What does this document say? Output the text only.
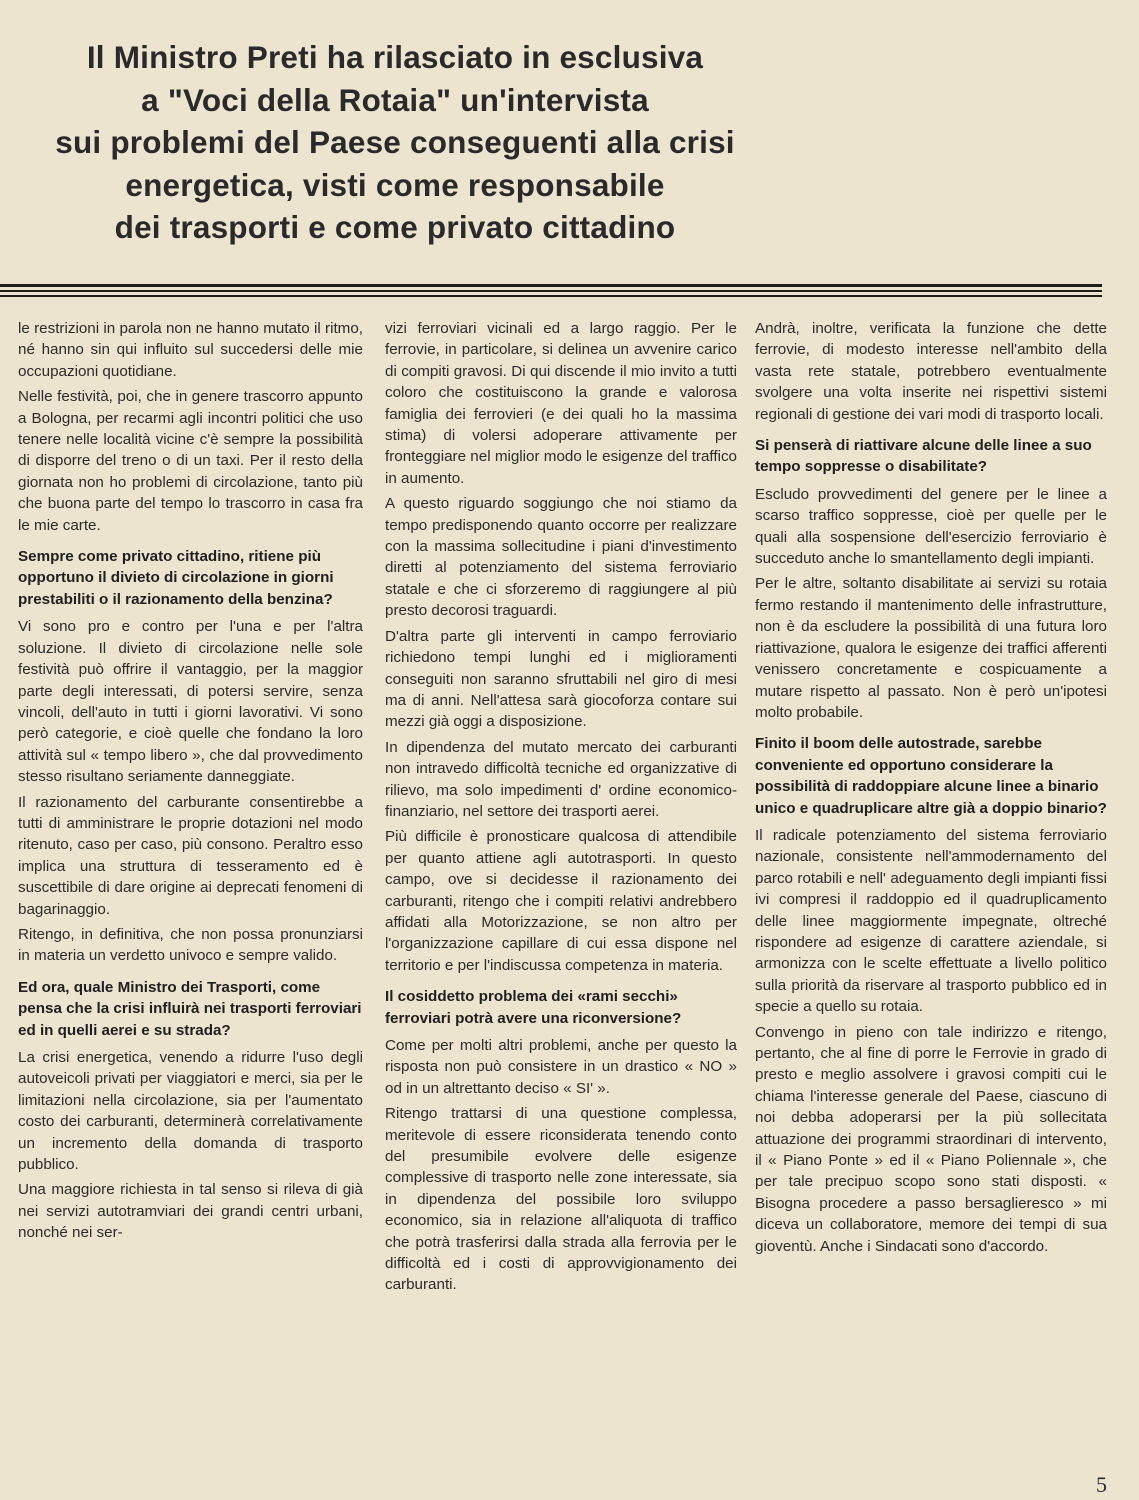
Il Ministro Preti ha rilasciato in esclusiva
a "Voci della Rotaia" un'intervista
sui problemi del Paese conseguenti alla crisi
energetica, visti come responsabile
dei trasporti e come privato cittadino

le restrizioni in parola non ne hanno mutato il ritmo, né hanno sin qui influito sul succedersi delle mie occupazioni quotidiane.

Nelle festività, poi, che in genere trascorro appunto a Bologna, per recarmi agli incontri politici che uso tenere nelle località vicine c'è sempre la possibilità di disporre del treno o di un taxi. Per il resto della giornata non ho problemi di circolazione, tanto più che buona parte del tempo lo trascorro in casa fra le mie carte.

Sempre come privato cittadino, ritiene più opportuno il divieto di circolazione in giorni prestabiliti o il razionamento della benzina?

Vi sono pro e contro per l'una e per l'altra soluzione. Il divieto di circolazione nelle sole festività può offrire il vantaggio, per la maggior parte degli interessati, di potersi servire, senza vincoli, dell'auto in tutti i giorni lavorativi. Vi sono però categorie, e cioè quelle che fondano la loro attività sul « tempo libero », che dal provvedimento stesso risultano seriamente danneggiate.

Il razionamento del carburante consentirebbe a tutti di amministrare le proprie dotazioni nel modo ritenuto, caso per caso, più consono. Peraltro esso implica una struttura di tesseramento ed è suscettibile di dare origine ai deprecati fenomeni di bagarinaggio.

Ritengo, in definitiva, che non possa pronunziarsi in materia un verdetto univoco e sempre valido.

Ed ora, quale Ministro dei Trasporti, come pensa che la crisi influirà nei trasporti ferroviari ed in quelli aerei e su strada?

La crisi energetica, venendo a ridurre l'uso degli autoveicoli privati per viaggiatori e merci, sia per le limitazioni nella circolazione, sia per l'aumentato costo dei carburanti, determinerà correlativamente un incremento della domanda di trasporto pubblico.

Una maggiore richiesta in tal senso si rileva di già nei servizi autotramviari dei grandi centri urbani, nonché nei ser-

vizi ferroviari vicinali ed a largo raggio. Per le ferrovie, in particolare, si delinea un avvenire carico di compiti gravosi. Di qui discende il mio invito a tutti coloro che costituiscono la grande e valorosa famiglia dei ferrovieri (e dei quali ho la massima stima) di volersi adoperare attivamente per fronteggiare nel miglior modo le esigenze del traffico in aumento.

A questo riguardo soggiungo che noi stiamo da tempo predisponendo quanto occorre per realizzare con la massima sollecitudine i piani d'investimento diretti al potenziamento del sistema ferroviario statale e che ci sforzeremo di raggiungere al più presto decorosi traguardi.

D'altra parte gli interventi in campo ferroviario richiedono tempi lunghi ed i miglioramenti conseguiti non saranno sfruttabili nel giro di mesi ma di anni. Nell'attesa sarà giocoforza contare sui mezzi già oggi a disposizione.

In dipendenza del mutato mercato dei carburanti non intravedo difficoltà tecniche ed organizzative di rilievo, ma solo impedimenti d' ordine economico-finanziario, nel settore dei trasporti aerei.

Più difficile è pronosticare qualcosa di attendibile per quanto attiene agli autotrasporti. In questo campo, ove si decidesse il razionamento dei carburanti, ritengo che i compiti relativi andrebbero affidati alla Motorizzazione, se non altro per l'organizzazione capillare di cui essa dispone nel territorio e per l'indiscussa competenza in materia.

Il cosiddetto problema dei «rami secchi» ferroviari potrà avere una riconversione?

Come per molti altri problemi, anche per questo la risposta non può consistere in un drastico « NO » od in un altrettanto deciso « SI' ».

Ritengo trattarsi di una questione complessa, meritevole di essere riconsiderata tenendo conto del presumibile evolvere delle esigenze complessive di trasporto nelle zone interessate, sia in dipendenza del possibile loro sviluppo economico, sia in relazione all'aliquota di traffico che potrà trasferirsi dalla strada alla ferrovia per le difficoltà ed i costi di approvvigionamento dei carburanti.

Andrà, inoltre, verificata la funzione che dette ferrovie, di modesto interesse nell'ambito della vasta rete statale, potrebbero eventualmente svolgere una volta inserite nei rispettivi sistemi regionali di gestione dei vari modi di trasporto locali.

Si penserà di riattivare alcune delle linee a suo tempo soppresse o disabilitate?

Escludo provvedimenti del genere per le linee a scarso traffico soppresse, cioè per quelle per le quali alla sospensione dell'esercizio ferroviario è succeduto anche lo smantellamento degli impianti.

Per le altre, soltanto disabilitate ai servizi su rotaia fermo restando il mantenimento delle infrastrutture, non è da escludere la possibilità di una futura loro riattivazione, qualora le esigenze dei traffici afferenti venissero concretamente e cospicuamente a mutare rispetto al passato. Non è però un'ipotesi molto probabile.

Finito il boom delle autostrade, sarebbe conveniente ed opportuno considerare la possibilità di raddoppiare alcune linee a binario unico e quadruplicare altre già a doppio binario?

Il radicale potenziamento del sistema ferroviario nazionale, consistente nell'ammodernamento del parco rotabili e nell' adeguamento degli impianti fissi ivi compresi il raddoppio ed il quadruplicamento delle linee maggiormente impegnate, oltreché rispondere ad esigenze di carattere aziendale, si armonizza con le scelte effettuate a livello politico sulla priorità da riservare al trasporto pubblico ed in specie a quello su rotaia.

Convengo in pieno con tale indirizzo e ritengo, pertanto, che al fine di porre le Ferrovie in grado di presto e meglio assolvere i gravosi compiti cui le chiama l'interesse generale del Paese, ciascuno di noi debba adoperarsi per la più sollecitata attuazione dei programmi straordinari di intervento, il « Piano Ponte » ed il « Piano Poliennale », che per tale precipuo scopo sono stati disposti. « Bisogna procedere a passo bersaglieresco » mi diceva un collaboratore, memore dei tempi di sua gioventù. Anche i Sindacati sono d'accordo.

5
